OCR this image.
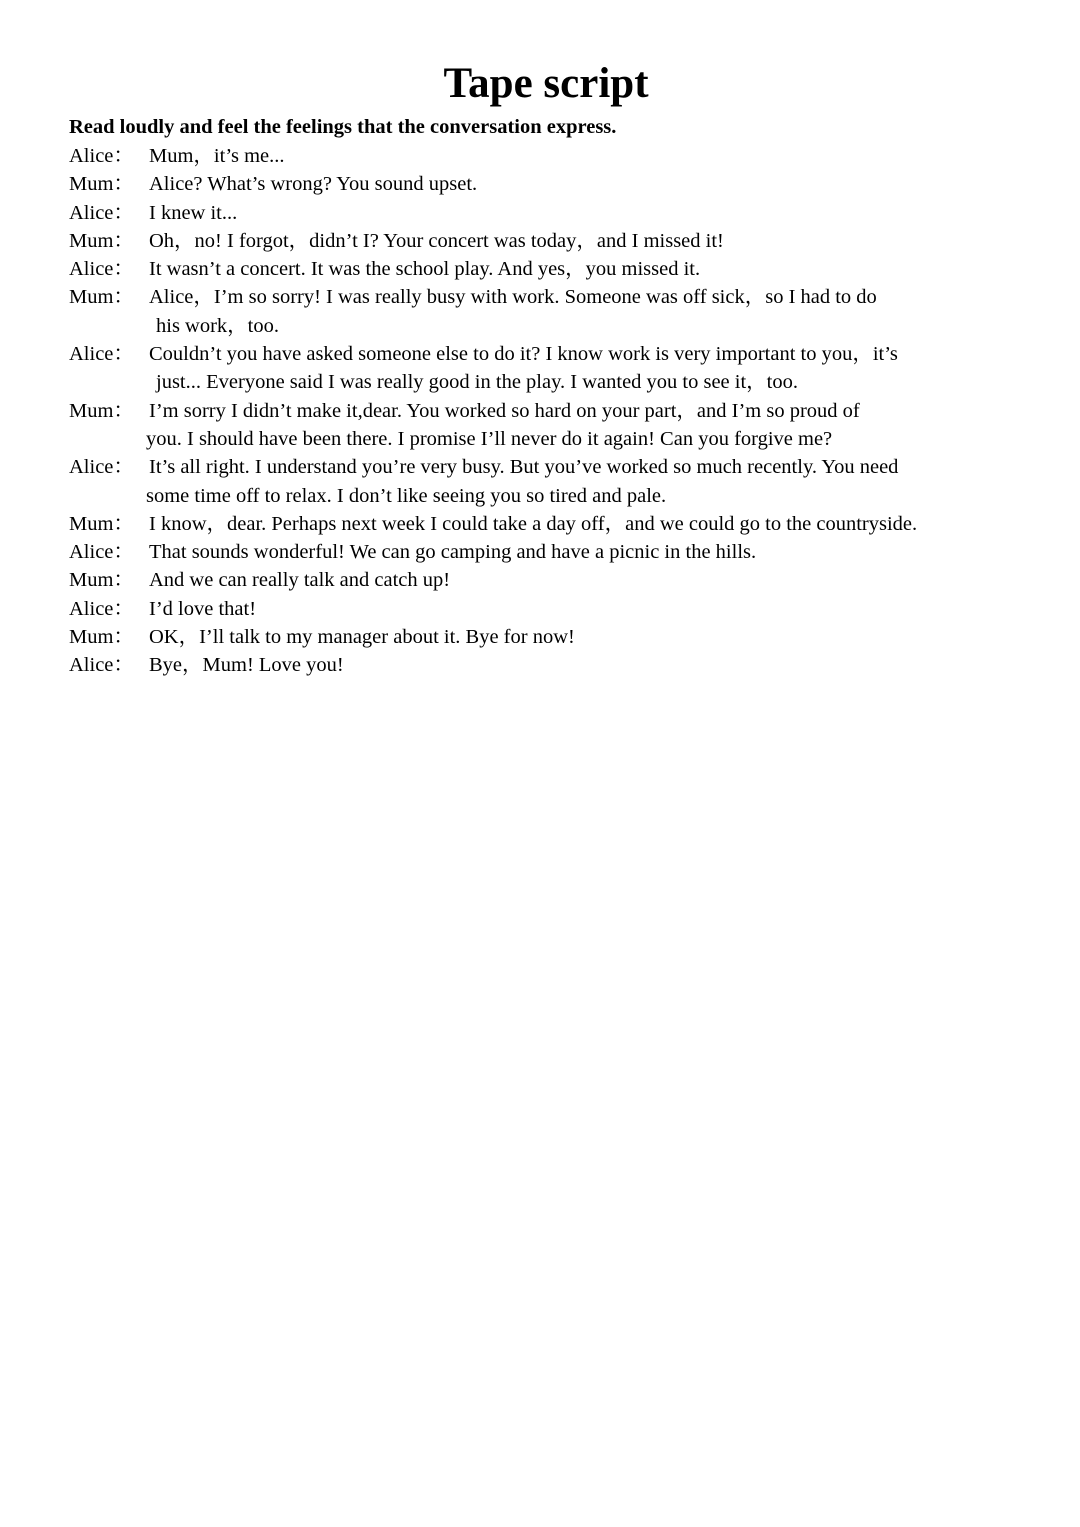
Tape script
Read loudly and feel the feelings that the conversation express.
Alice： Mum，it’s me...
Mum： Alice? What’s wrong? You sound upset.
Alice： I knew it...
Mum： Oh，no! I forgot，didn’t I? Your concert was today，and I missed it!
Alice： It wasn’t a concert. It was the school play. And yes，you missed it.
Mum： Alice，I’m so sorry! I was really busy with work. Someone was off sick，so I had to do
his work，too.
Alice： Couldn’t you have asked someone else to do it? I know work is very important to you，it’s
just... Everyone said I was really good in the play. I wanted you to see it，too.
Mum： I’m sorry I didn’t make it,dear. You worked so hard on your part，and I’m so proud of
you. I should have been there. I promise I’ll never do it again! Can you forgive me?
Alice： It’s all right. I understand you’re very busy. But you’ve worked so much recently. You need
some time off to relax. I don’t like seeing you so tired and pale.
Mum： I know，dear. Perhaps next week I could take a day off，and we could go to the countryside.
Alice： That sounds wonderful! We can go camping and have a picnic in the hills.
Mum： And we can really talk and catch up!
Alice： I’d love that!
Mum： OK，I’ll talk to my manager about it. Bye for now!
Alice： Bye，Mum! Love you!
